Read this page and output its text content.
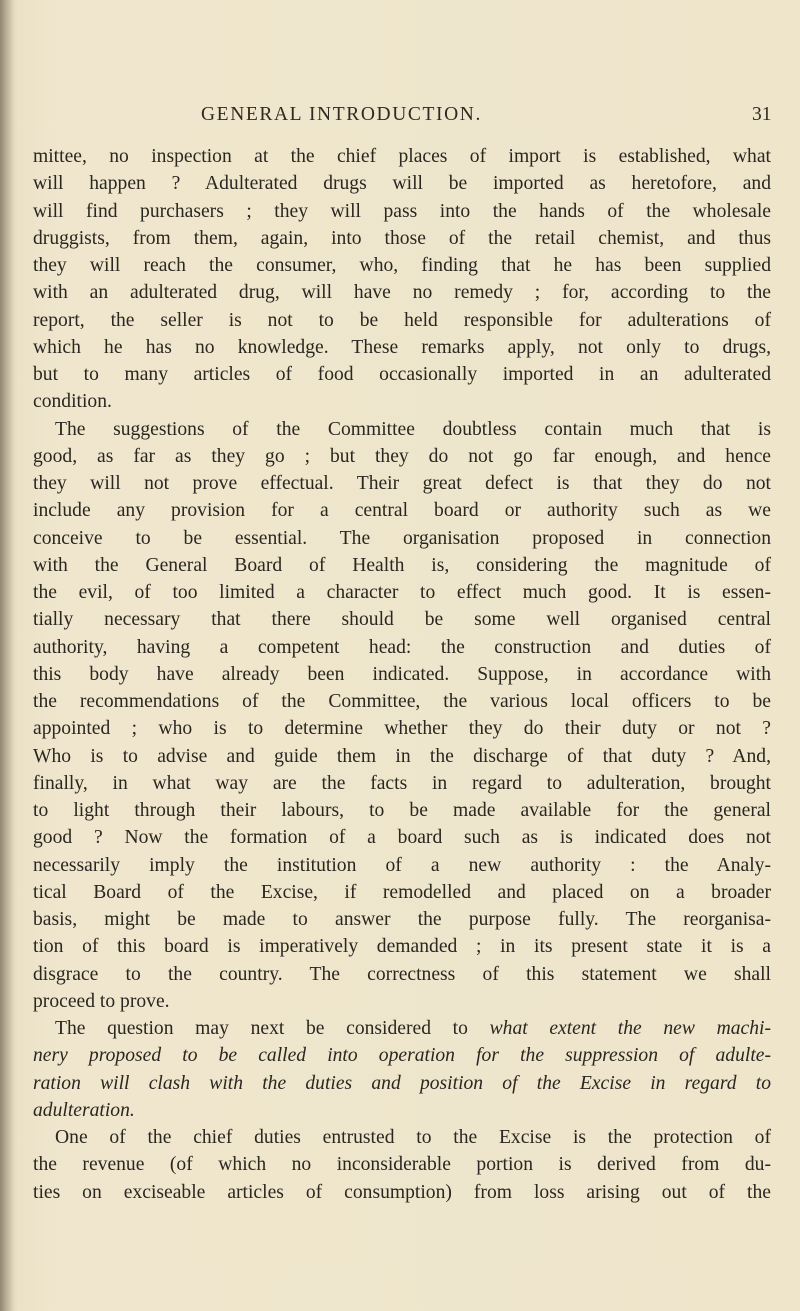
GENERAL INTRODUCTION.	31
mittee, no inspection at the chief places of import is established, what
will happen ? Adulterated drugs will be imported as heretofore, and
will find purchasers ; they will pass into the hands of the wholesale
druggists, from them, again, into those of the retail chemist, and thus
they will reach the consumer, who, finding that he has been supplied
with an adulterated drug, will have no remedy ; for, according to the
report, the seller is not to be held responsible for adulterations of
which he has no knowledge. These remarks apply, not only to drugs,
but to many articles of food occasionally imported in an adulterated
condition.
The suggestions of the Committee doubtless contain much that is
good, as far as they go ; but they do not go far enough, and hence
they will not prove effectual. Their great defect is that they do not
include any provision for a central board or authority such as we
conceive to be essential. The organisation proposed in connection
with the General Board of Health is, considering the magnitude of
the evil, of too limited a character to effect much good. It is essen-
tially necessary that there should be some well organised central
authority, having a competent head: the construction and duties of
this body have already been indicated. Suppose, in accordance with
the recommendations of the Committee, the various local officers to be
appointed ; who is to determine whether they do their duty or not ?
Who is to advise and guide them in the discharge of that duty ? And,
finally, in what way are the facts in regard to adulteration, brought
to light through their labours, to be made available for the general
good ? Now the formation of a board such as is indicated does not
necessarily imply the institution of a new authority : the Analy-
tical Board of the Excise, if remodelled and placed on a broader
basis, might be made to answer the purpose fully. The reorganisa-
tion of this board is imperatively demanded ; in its present state it is a
disgrace to the country. The correctness of this statement we shall
proceed to prove.
The question may next be considered to what extent the new machi-
nery proposed to be called into operation for the suppression of adulte-
ration will clash with the duties and position of the Excise in regard to
adulteration.
One of the chief duties entrusted to the Excise is the protection of
the revenue (of which no inconsiderable portion is derived from du-
ties on exciseable articles of consumption) from loss arising out of the
